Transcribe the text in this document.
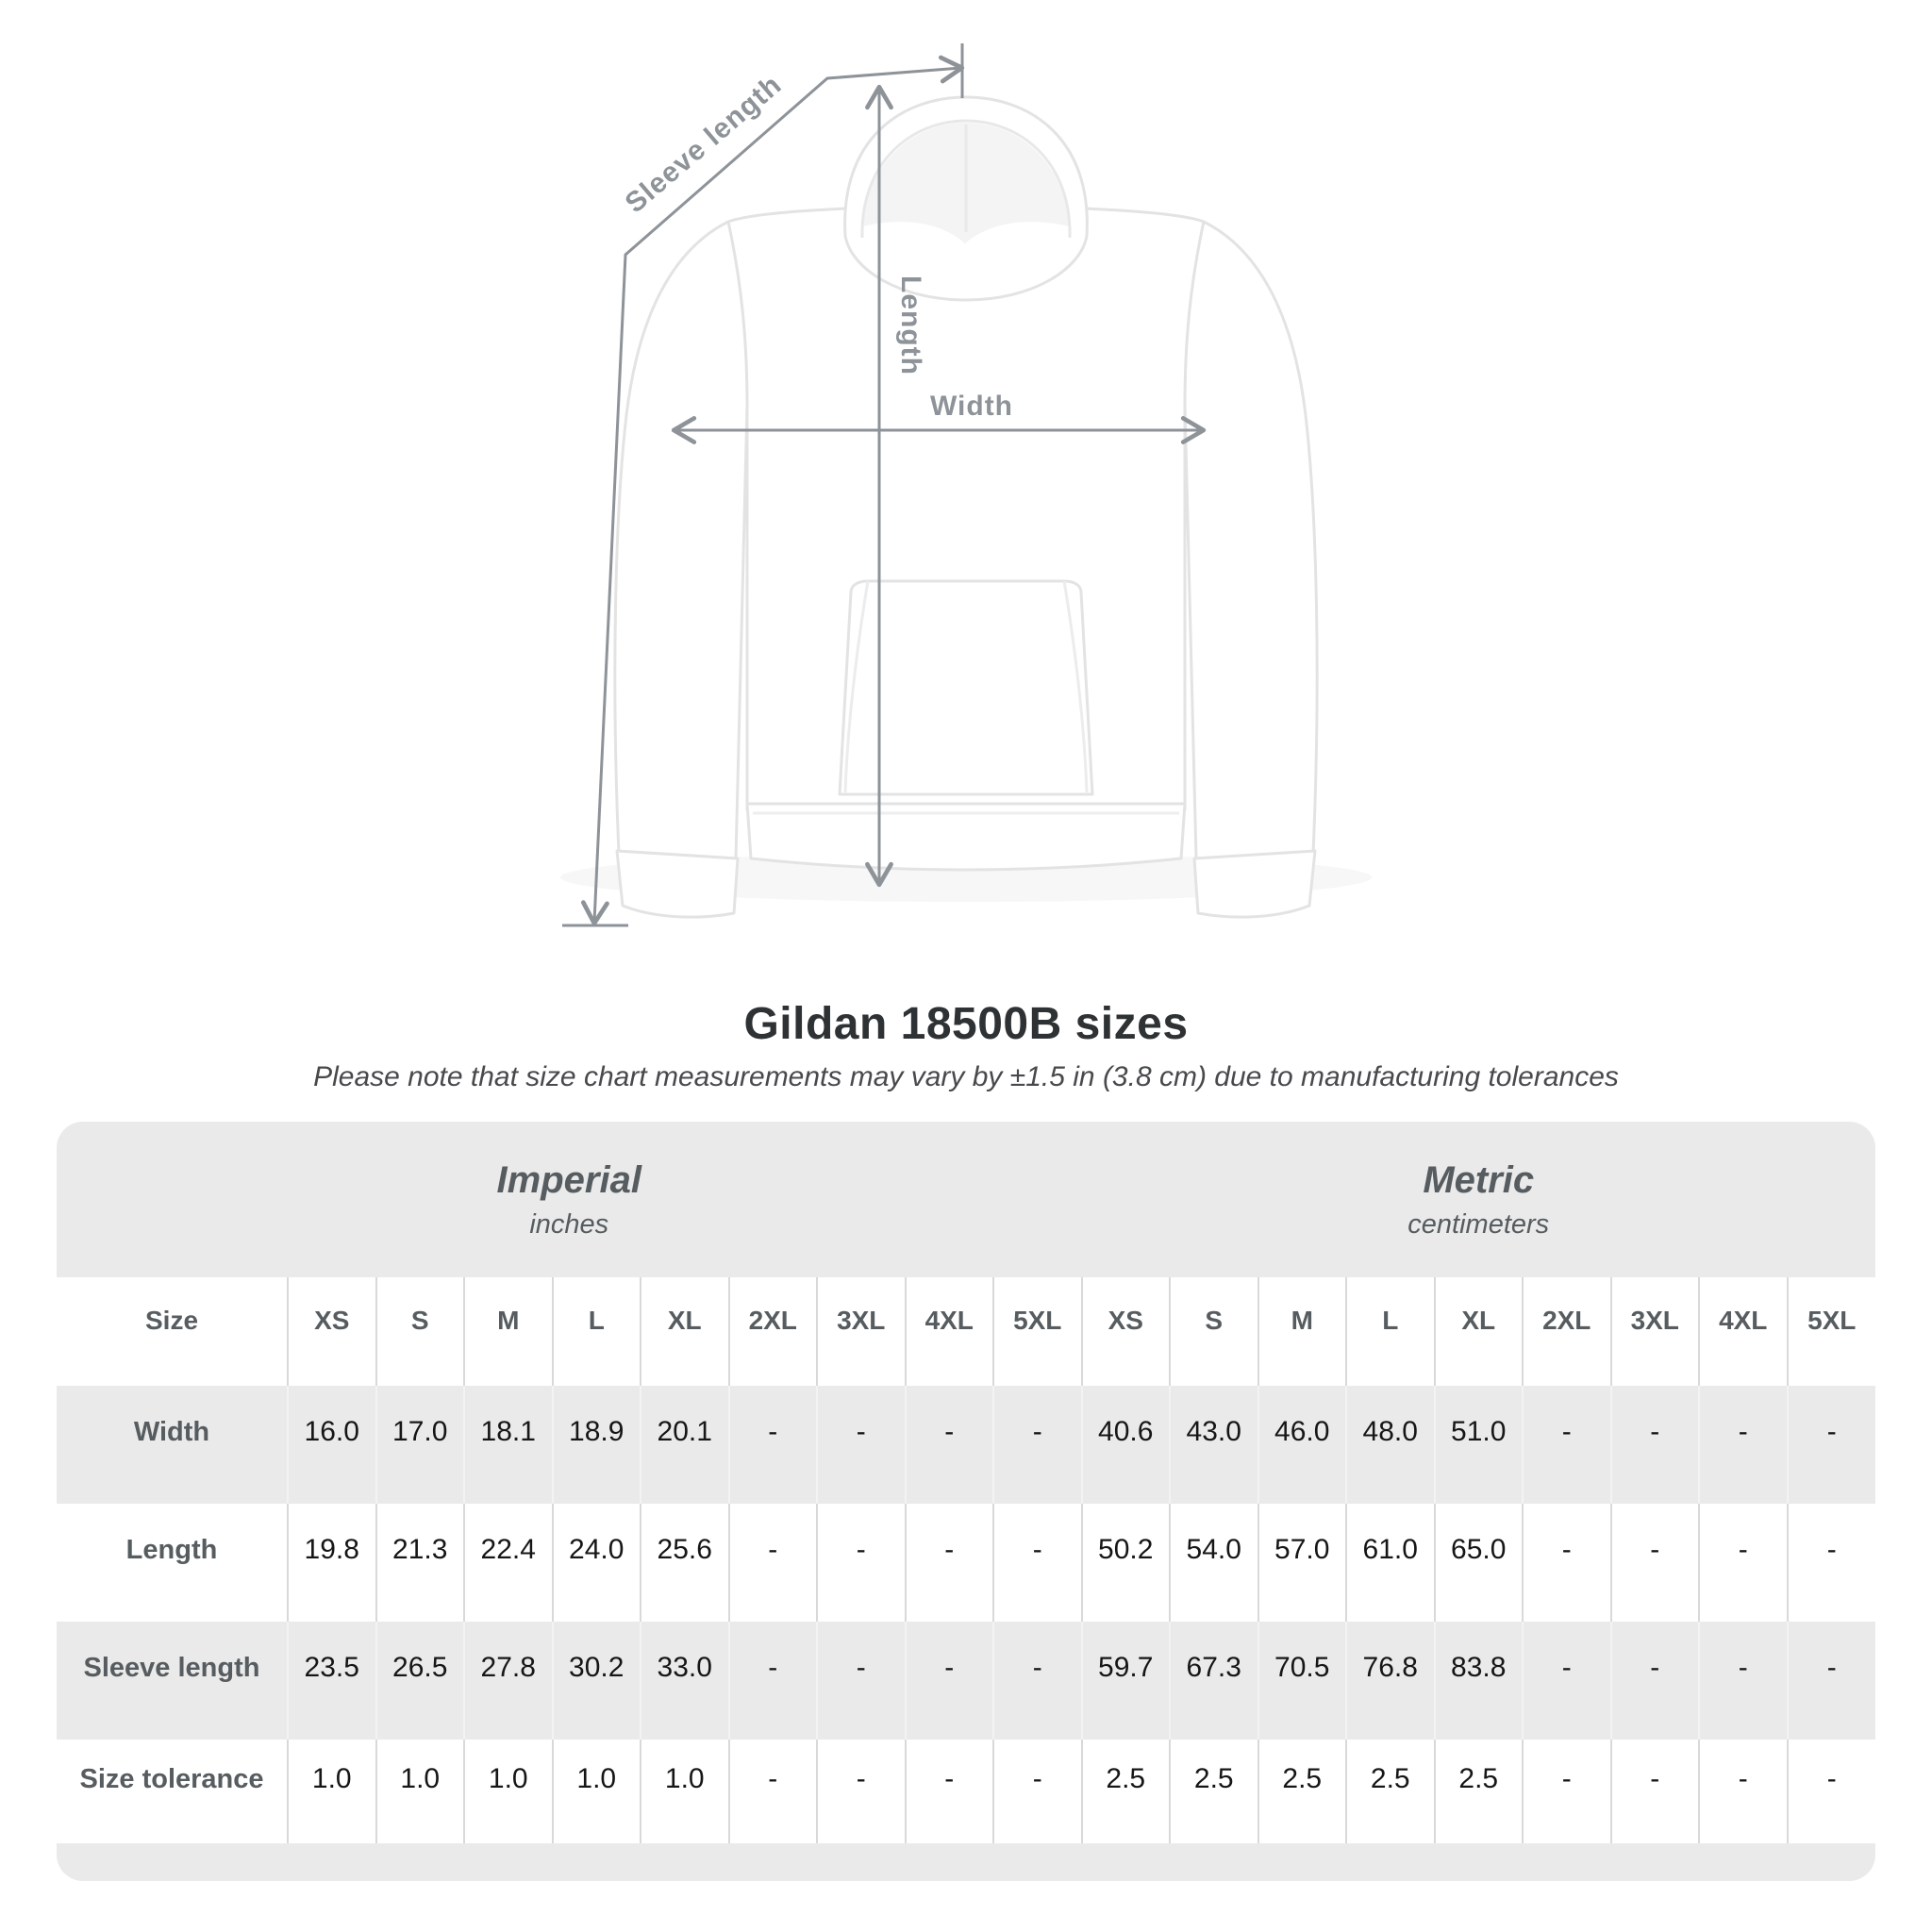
Sleeve length
Length
Width
Gildan 18500B sizes
Please note that size chart measurements may vary by ±1.5 in (3.8 cm) due to manufacturing tolerances
Imperial
inches

Metric
centimeters

Size	XS	S	M	L	XL	2XL	3XL	4XL	5XL	XS	S	M	L	XL	2XL	3XL	4XL	5XL
Width	16.0	17.0	18.1	18.9	20.1	-	-	-	-	40.6	43.0	46.0	48.0	51.0	-	-	-	-
Length	19.8	21.3	22.4	24.0	25.6	-	-	-	-	50.2	54.0	57.0	61.0	65.0	-	-	-	-
Sleeve length	23.5	26.5	27.8	30.2	33.0	-	-	-	-	59.7	67.3	70.5	76.8	83.8	-	-	-	-
Size tolerance	1.0	1.0	1.0	1.0	1.0	-	-	-	-	2.5	2.5	2.5	2.5	2.5	-	-	-	-
